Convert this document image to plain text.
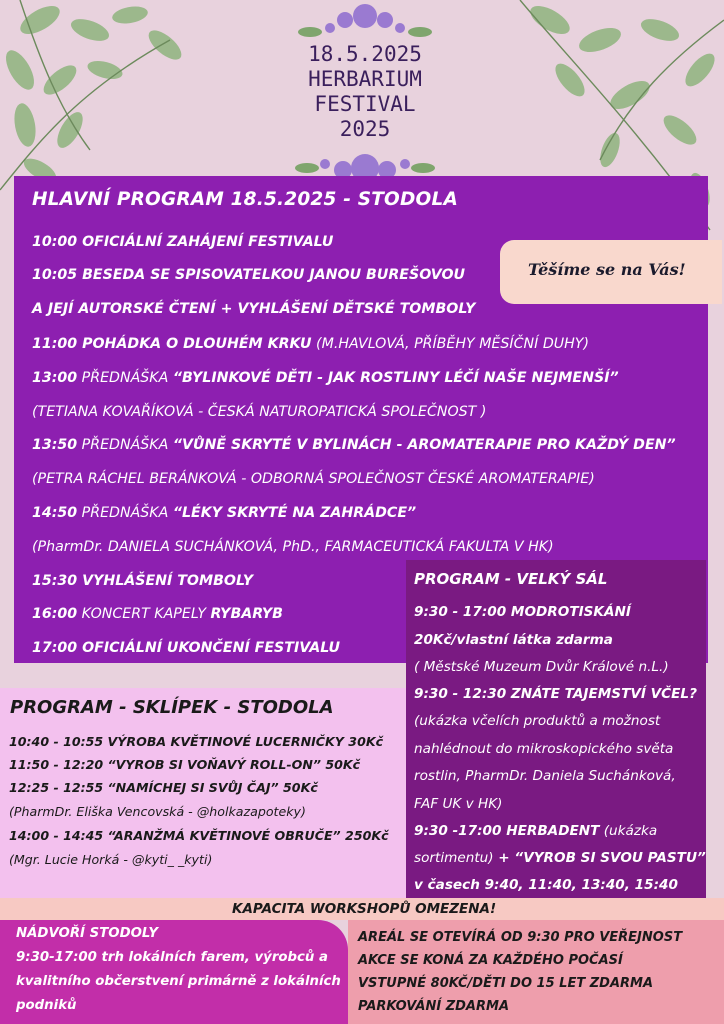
18.5.2025
HERBARIUM
FESTIVAL
2025
HLAVNÍ PROGRAM 18.5.2025 - STODOLA
10:00 OFICIÁLNÍ ZAHÁJENÍ FESTIVALU
10:05 BESEDA SE SPISOVATELKOU JANOU BUREŠOVOU
A JEJÍ AUTORSKÉ ČTENÍ + VYHLÁŠENÍ DĚTSKÉ TOMBOLY
11:00 POHÁDKA O DLOUHÉM KRKU (M.HAVLOVÁ, PŘÍBĚHY MĚSÍČNÍ DUHY)
13:00 PŘEDNÁŠKA “BYLINKOVÉ DĚTI - JAK ROSTLINY LÉČÍ NAŠE NEJMENŠÍ”
(TETIANA KOVAŘÍKOVÁ - ČESKÁ NATUROPATICKÁ SPOLEČNOST )
13:50 PŘEDNÁŠKA “VŮNĚ SKRYTÉ V BYLINÁCH - AROMATERAPIE PRO KAŽDÝ DEN”
(PETRA RÁCHEL BERÁNKOVÁ - ODBORNÁ SPOLEČNOST ČESKÉ AROMATERAPIE)
14:50 PŘEDNÁŠKA “LÉKY SKRYTÉ NA ZAHRÁDCE”
(PharmDr. DANIELA SUCHÁNKOVÁ, PhD., FARMACEUTICKÁ FAKULTA V HK)
15:30 VYHLÁŠENÍ TOMBOLY
16:00 KONCERT KAPELY RYBARYB
17:00 OFICIÁLNÍ UKONČENÍ FESTIVALU
Těšíme se na Vás!
PROGRAM - VELKÝ SÁL
9:30 - 17:00 MODROTISKÁNÍ
20Kč/vlastní látka zdarma
( Městské Muzeum Dvůr Králové n.L.)
9:30 - 12:30 ZNÁTE TAJEMSTVÍ VČEL?
(ukázka včelích produktů a možnost
nahlédnout do mikroskopického světa
rostlin, PharmDr. Daniela Suchánková,
FAF UK v HK)
9:30 -17:00 HERBADENT (ukázka
sortimentu) + “VYROB SI SVOU PASTU”
v časech 9:40, 11:40, 13:40, 15:40
PROGRAM - SKLÍPEK - STODOLA
10:40 - 10:55 VÝROBA KVĚTINOVÉ LUCERNIČKY 30Kč
11:50 - 12:20 “VYROB SI VOŇAVÝ ROLL-ON” 50Kč
12:25 - 12:55 “NAMÍCHEJ SI SVŮJ ČAJ” 50Kč
(PharmDr. Eliška Vencovská - @holkazapoteky)
14:00 - 14:45 “ARANŽMÁ KVĚTINOVÉ OBRUČE” 250Kč
(Mgr. Lucie Horká - @kyti_ _kyti)
KAPACITA WORKSHOPŮ OMEZENA!
NÁDVOŘÍ STODOLY
9:30-17:00 trh lokálních farem, výrobců a
kvalitního občerstvení primárně z lokálních
podniků
AREÁL SE OTEVÍRÁ OD 9:30 PRO VEŘEJNOST
AKCE SE KONÁ ZA KAŽDÉHO POČASÍ
VSTUPNÉ 80KČ/DĚTI DO 15 LET ZDARMA
PARKOVÁNÍ ZDARMA
